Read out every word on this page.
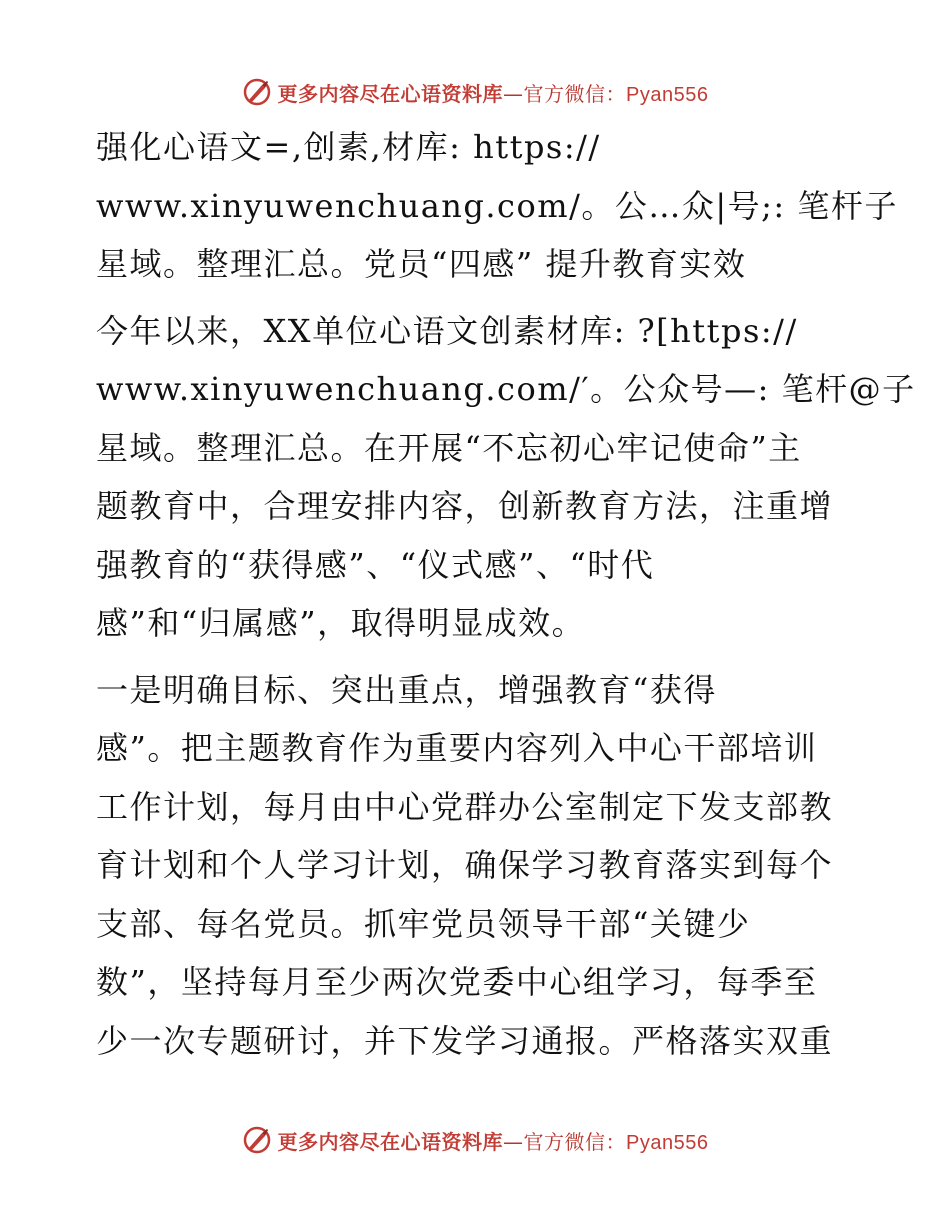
更多内容尽在心语资料库—官方微信：Pyan556
强化心语文=,创素,材库: https://
www.xinyuwenchuang.com/。公…众|号;: 笔杆子
星域。整理汇总。党员“四感” 提升教育实效
今年以来，XX单位心语文创素材库: ?[https://
www.xinyuwenchuang.com/′。公众号—: 笔杆@子
星域。整理汇总。在开展“不忘初心牢记使命”主
题教育中，合理安排内容，创新教育方法，注重增
强教育的“获得感”、“仪式感”、“时代
感”和“归属感”，取得明显成效。
一是明确目标、突出重点，增强教育“获得
感”。把主题教育作为重要内容列入中心干部培训
工作计划，每月由中心党群办公室制定下发支部教
育计划和个人学习计划，确保学习教育落实到每个
支部、每名党员。抓牢党员领导干部“关键少
数”，坚持每月至少两次党委中心组学习，每季至
少一次专题研讨，并下发学习通报。严格落实双重
更多内容尽在心语资料库—官方微信：Pyan556
